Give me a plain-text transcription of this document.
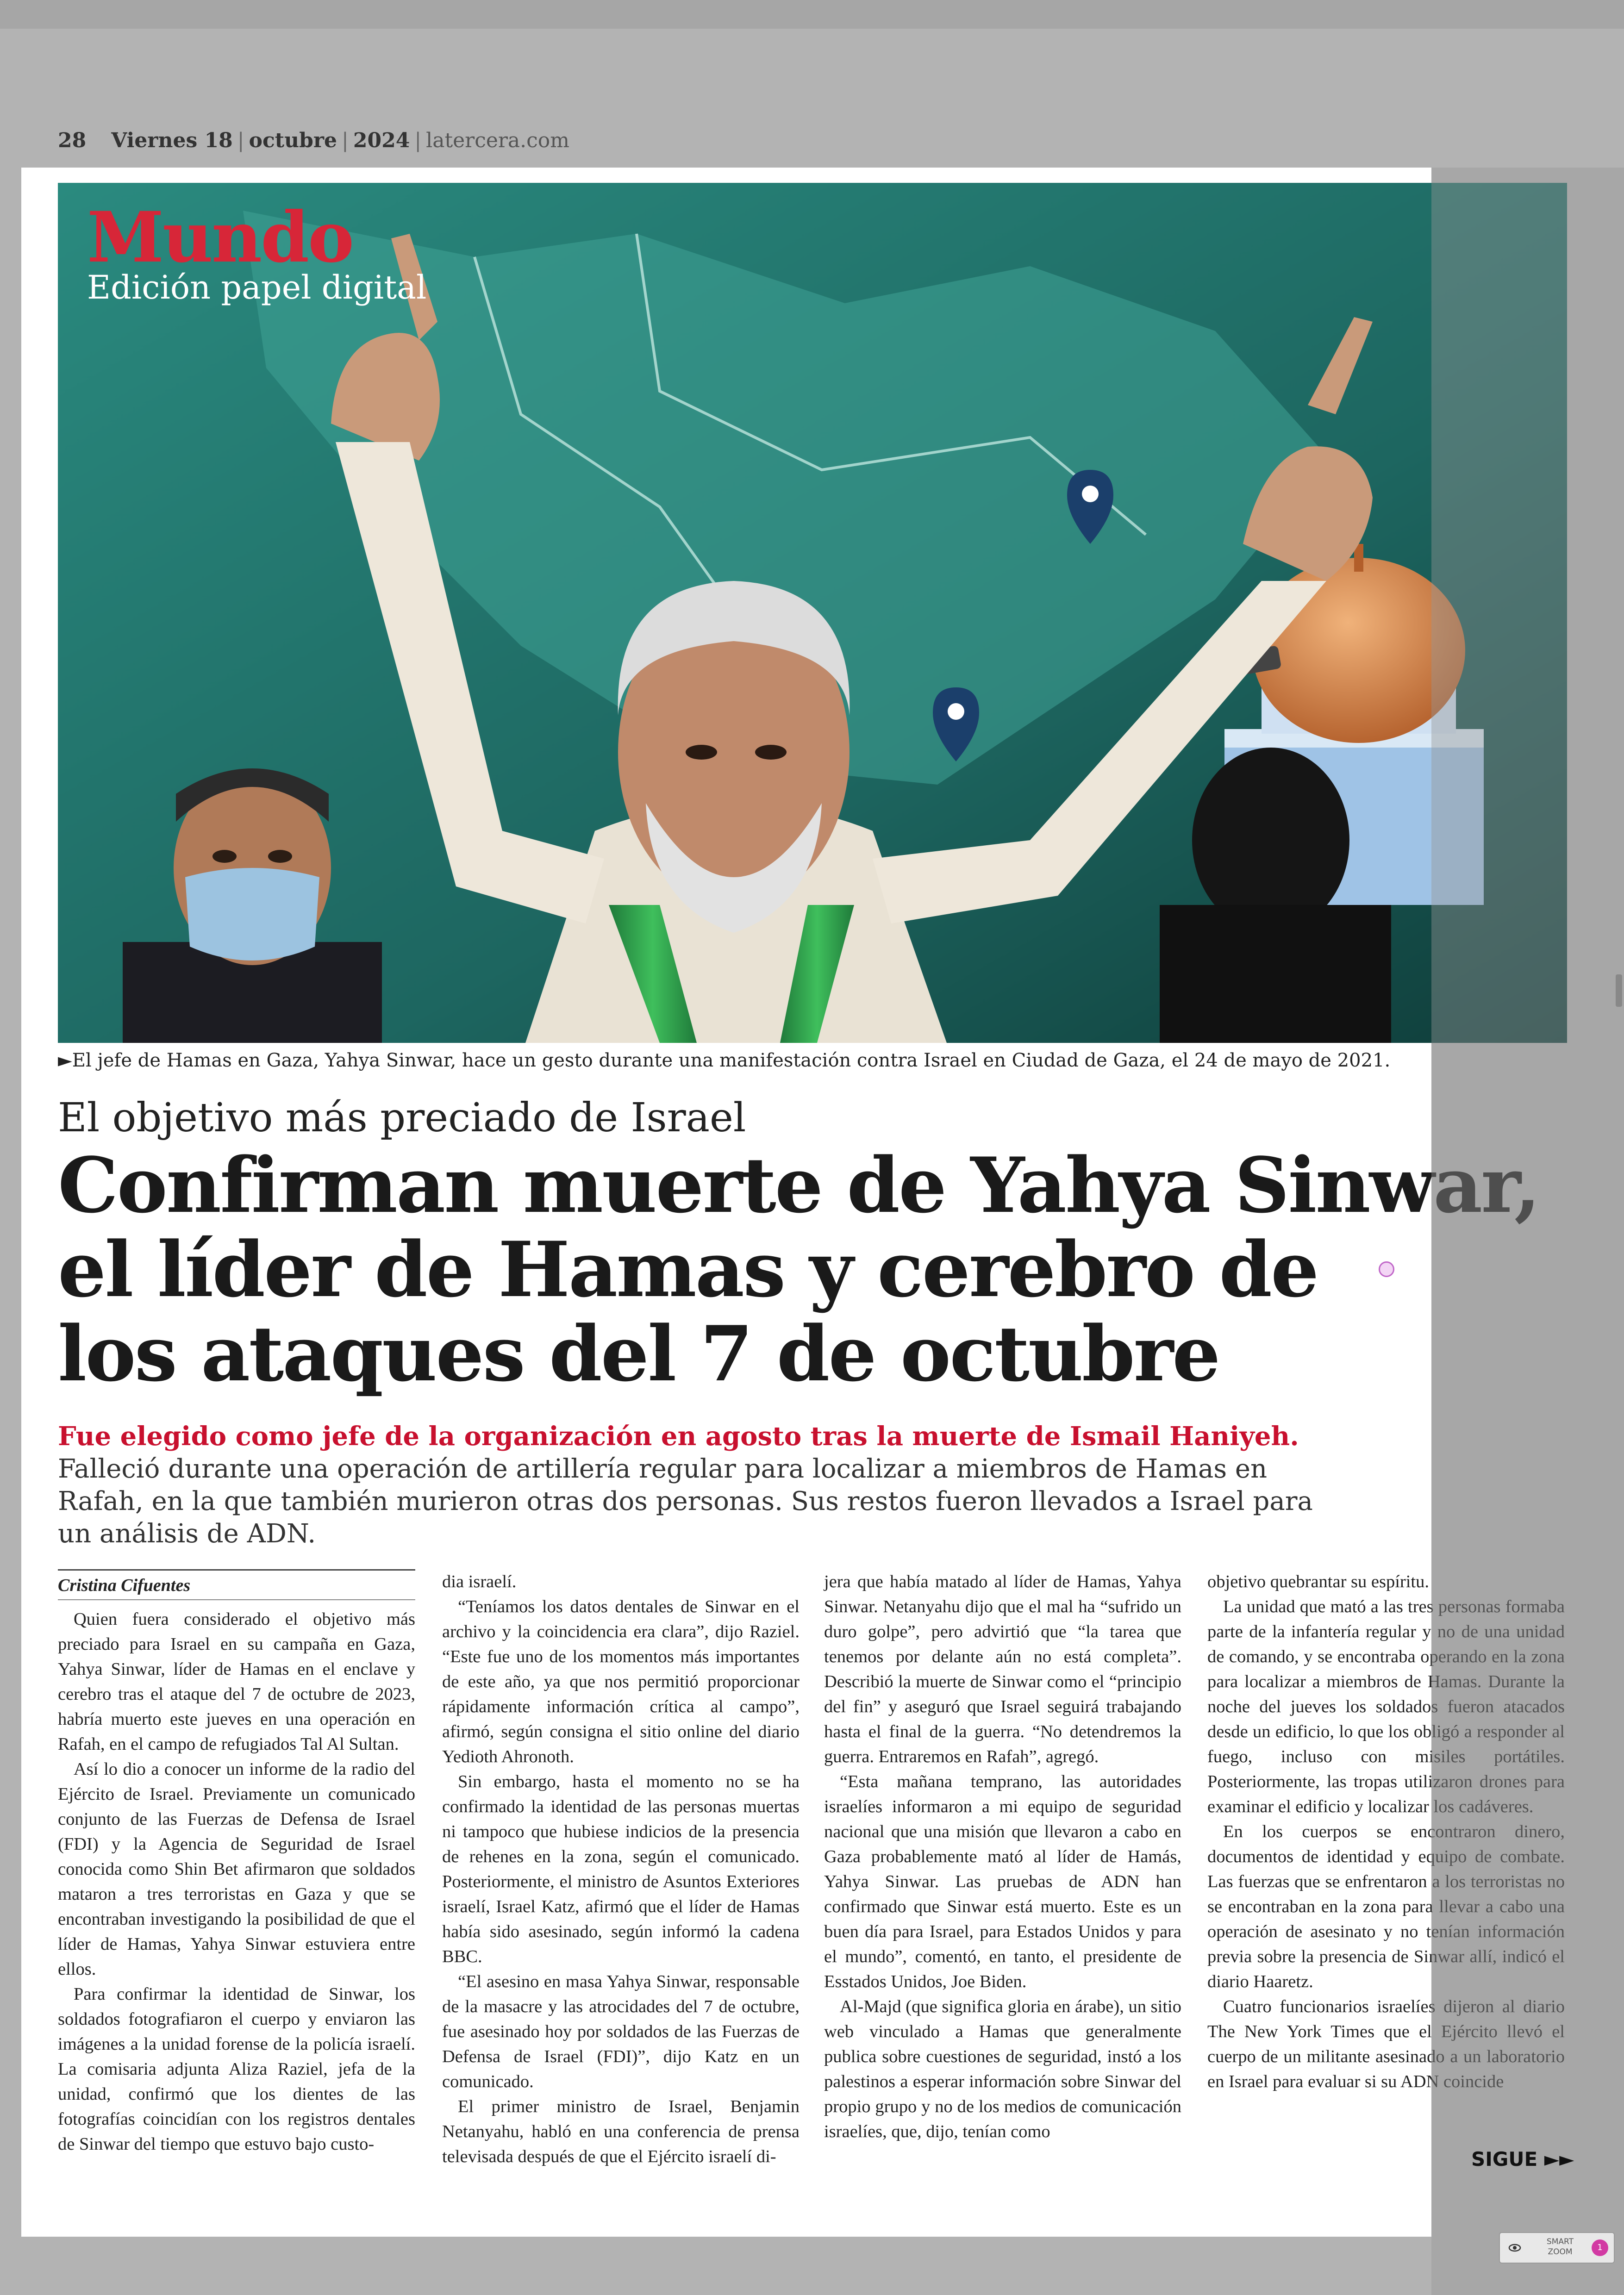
28 Viernes 18 | octubre | 2024 | latercera.com
Mundo
Edición papel digital
►El jefe de Hamas en Gaza, Yahya Sinwar, hace un gesto durante una manifestación contra Israel en Ciudad de Gaza, el 24 de mayo de 2021.
El objetivo más preciado de Israel
Confirman muerte de Yahya Sinwar,
el líder de Hamas y cerebro de
los ataques del 7 de octubre
Fue elegido como jefe de la organización en agosto tras la muerte de Ismail Haniyeh. Falleció durante una operación de artillería regular para localizar a miembros de Hamas en Rafah, en la que también murieron otras dos personas. Sus restos fueron llevados a Israel para un análisis de ADN.
Cristina Cifuentes

Quien fuera considerado el objetivo más preciado para Israel en su campaña en Gaza, Yahya Sinwar, líder de Hamas en el enclave y cerebro tras el ataque del 7 de octubre de 2023, habría muerto este jueves en una operación en Rafah, en el campo de refugiados Tal Al Sultan.

Así lo dio a conocer un informe de la radio del Ejército de Israel. Previamente un comunicado conjunto de las Fuerzas de Defensa de Israel (FDI) y la Agencia de Seguridad de Israel conocida como Shin Bet afirmaron que soldados mataron a tres terroristas en Gaza y que se encontraban investigando la posibilidad de que el líder de Hamas, Yahya Sinwar estuviera entre ellos.

Para confirmar la identidad de Sinwar, los soldados fotografiaron el cuerpo y enviaron las imágenes a la unidad forense de la policía israelí. La comisaria adjunta Aliza Raziel, jefa de la unidad, confirmó que los dientes de las fotografías coincidían con los registros dentales de Sinwar del tiempo que estuvo bajo custo-

dia israelí.

“Teníamos los datos dentales de Sinwar en el archivo y la coincidencia era clara”, dijo Raziel. “Este fue uno de los momentos más importantes de este año, ya que nos permitió proporcionar rápidamente información crítica al campo”, afirmó, según consigna el sitio online del diario Yedioth Ahronoth.

Sin embargo, hasta el momento no se ha confirmado la identidad de las personas muertas ni tampoco que hubiese indicios de la presencia de rehenes en la zona, según el comunicado. Posteriormente, el ministro de Asuntos Exteriores israelí, Israel Katz, afirmó que el líder de Hamas había sido asesinado, según informó la cadena BBC.

“El asesino en masa Yahya Sinwar, responsable de la masacre y las atrocidades del 7 de octubre, fue asesinado hoy por soldados de las Fuerzas de Defensa de Israel (FDI)”, dijo Katz en un comunicado.

El primer ministro de Israel, Benjamin Netanyahu, habló en una conferencia de prensa televisada después de que el Ejército israelí di-

jera que había matado al líder de Hamas, Yahya Sinwar. Netanyahu dijo que el mal ha “sufrido un duro golpe”, pero advirtió que “la tarea que tenemos por delante aún no está completa”. Describió la muerte de Sinwar como el “principio del fin” y aseguró que Israel seguirá trabajando hasta el final de la guerra. “No detendremos la guerra. Entraremos en Rafah”, agregó.

“Esta mañana temprano, las autoridades israelíes informaron a mi equipo de seguridad nacional que una misión que llevaron a cabo en Gaza probablemente mató al líder de Hamás, Yahya Sinwar. Las pruebas de ADN han confirmado que Sinwar está muerto. Este es un buen día para Israel, para Estados Unidos y para el mundo”, comentó, en tanto, el presidente de Esstados Unidos, Joe Biden.

Al-Majd (que significa gloria en árabe), un sitio web vinculado a Hamas que generalmente publica sobre cuestiones de seguridad, instó a los palestinos a esperar información sobre Sinwar del propio grupo y no de los medios de comunicación israelíes, que, dijo, tenían como

objetivo quebrantar su espíritu.

La unidad que mató a las tres personas formaba parte de la infantería regular y no de una unidad de comando, y se encontraba operando en la zona para localizar a miembros de Hamas. Durante la noche del jueves los soldados fueron atacados desde un edificio, lo que los obligó a responder al fuego, incluso con misiles portátiles. Posteriormente, las tropas utilizaron drones para examinar el edificio y localizar los cadáveres.

En los cuerpos se encontraron dinero, documentos de identidad y equipo de combate. Las fuerzas que se enfrentaron a los terroristas no se encontraban en la zona para llevar a cabo una operación de asesinato y no tenían información previa sobre la presencia de Sinwar allí, indicó el diario Haaretz.

Cuatro funcionarios israelíes dijeron al diario The New York Times que el Ejército llevó el cuerpo de un militante asesinado a un laboratorio en Israel para evaluar si su ADN coincide

SIGUE ►►
SMART
ZOOM	1
